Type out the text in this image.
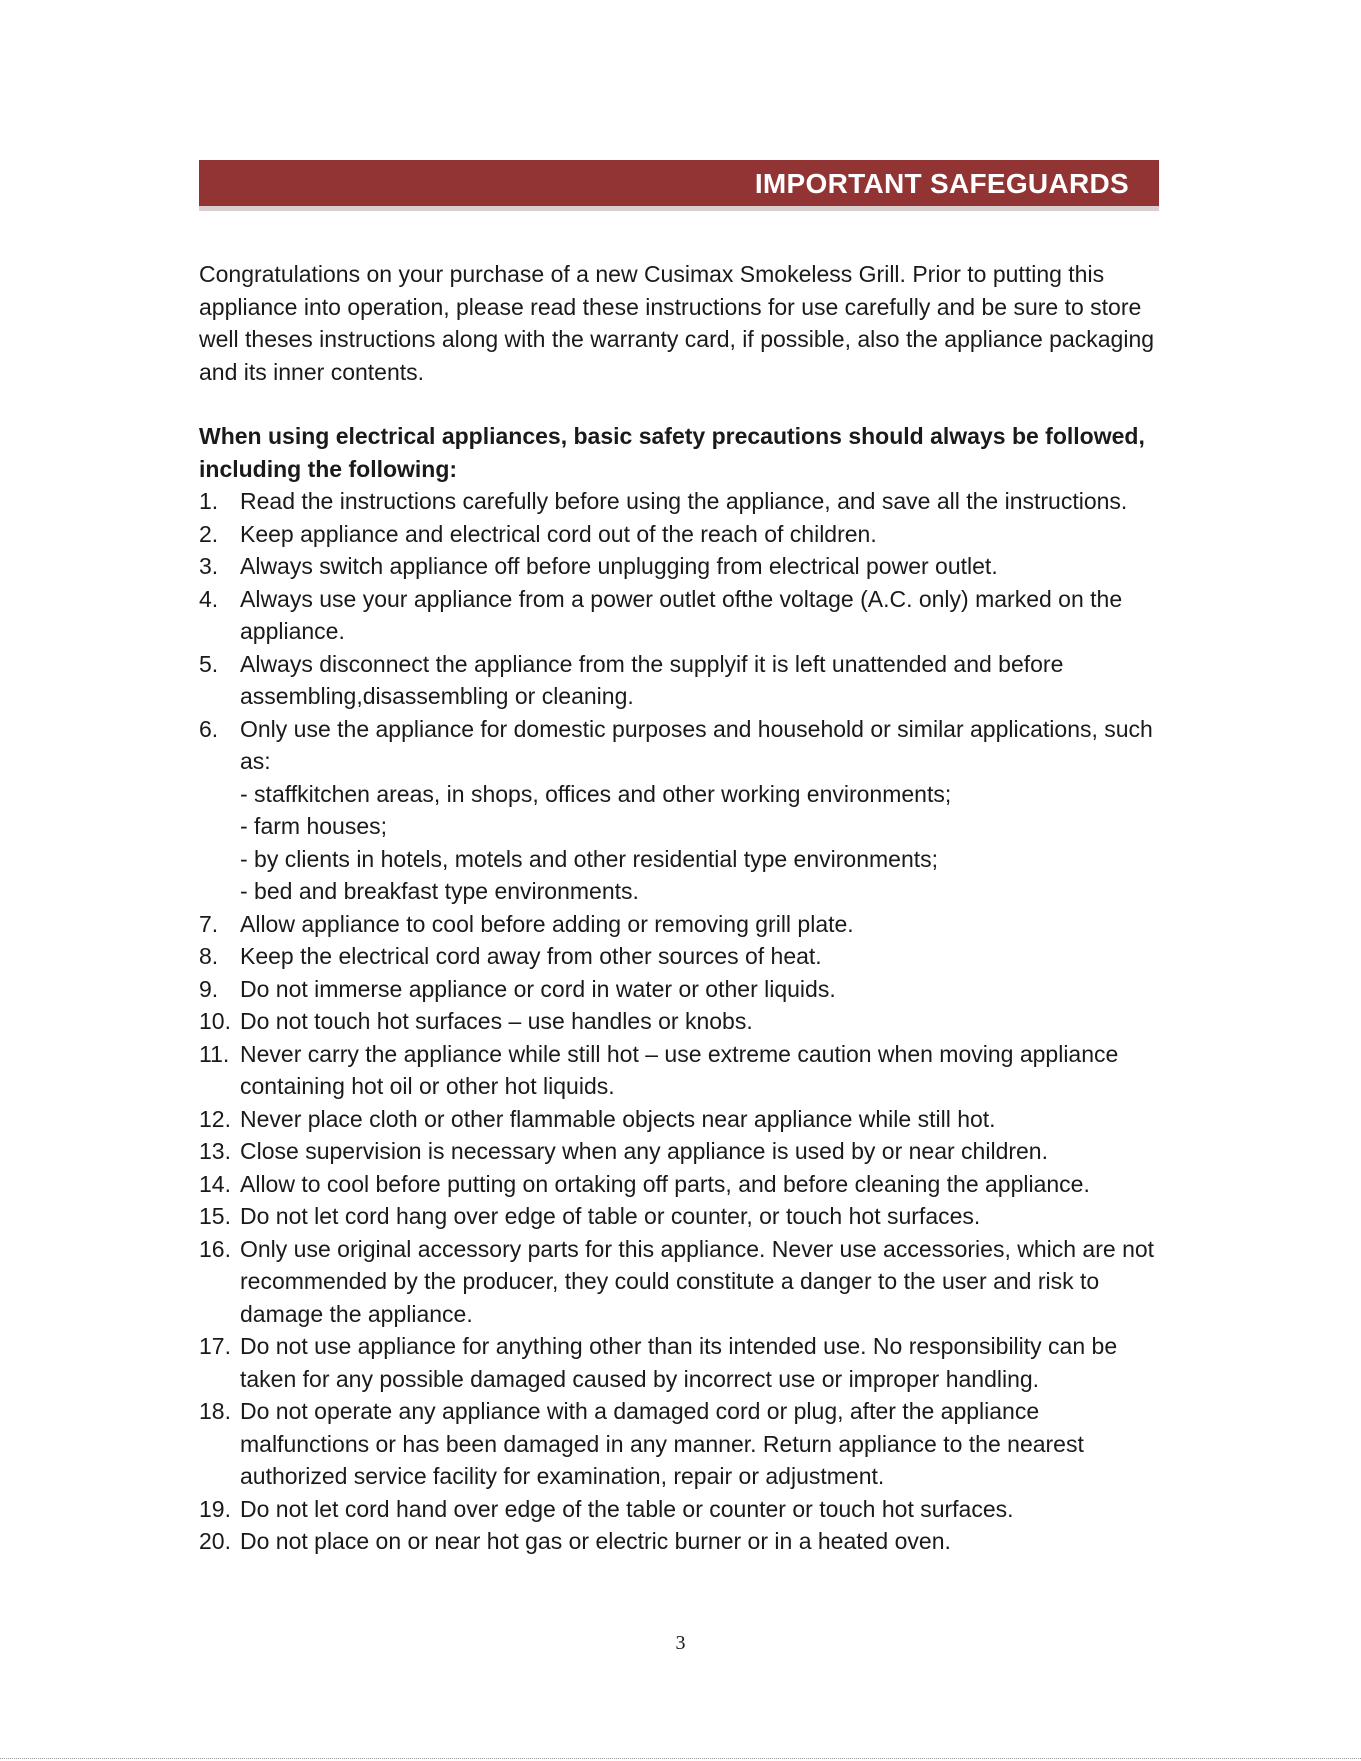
IMPORTANT SAFEGUARDS

Congratulations on your purchase of a new Cusimax Smokeless Grill. Prior to putting this appliance into operation, please read these instructions for use carefully and be sure to store well theses instructions along with the warranty card, if possible, also the appliance packaging and its inner contents.

When using electrical appliances, basic safety precautions should always be followed, including the following:

1. Read the instructions carefully before using the appliance, and save all the instructions.
2. Keep appliance and electrical cord out of the reach of children.
3. Always switch appliance off before unplugging from electrical power outlet.
4. Always use your appliance from a power outlet ofthe voltage (A.C. only) marked on the appliance.
5. Always disconnect the appliance from the supplyif it is left unattended and before assembling,disassembling or cleaning.
6. Only use the appliance for domestic purposes and household or similar applications, such as:
- staffkitchen areas, in shops, offices and other working environments;
- farm houses;
- by clients in hotels, motels and other residential type environments;
- bed and breakfast type environments.
7. Allow appliance to cool before adding or removing grill plate.
8. Keep the electrical cord away from other sources of heat.
9. Do not immerse appliance or cord in water or other liquids.
10. Do not touch hot surfaces – use handles or knobs.
11. Never carry the appliance while still hot – use extreme caution when moving appliance containing hot oil or other hot liquids.
12. Never place cloth or other flammable objects near appliance while still hot.
13. Close supervision is necessary when any appliance is used by or near children.
14. Allow to cool before putting on ortaking off parts, and before cleaning the appliance.
15. Do not let cord hang over edge of table or counter, or touch hot surfaces.
16. Only use original accessory parts for this appliance. Never use accessories, which are not recommended by the producer, they could constitute a danger to the user and risk to damage the appliance.
17. Do not use appliance for anything other than its intended use. No responsibility can be taken for any possible damaged caused by incorrect use or improper handling.
18. Do not operate any appliance with a damaged cord or plug, after the appliance malfunctions or has been damaged in any manner. Return appliance to the nearest authorized service facility for examination, repair or adjustment.
19. Do not let cord hand over edge of the table or counter or touch hot surfaces.
20. Do not place on or near hot gas or electric burner or in a heated oven.
3
